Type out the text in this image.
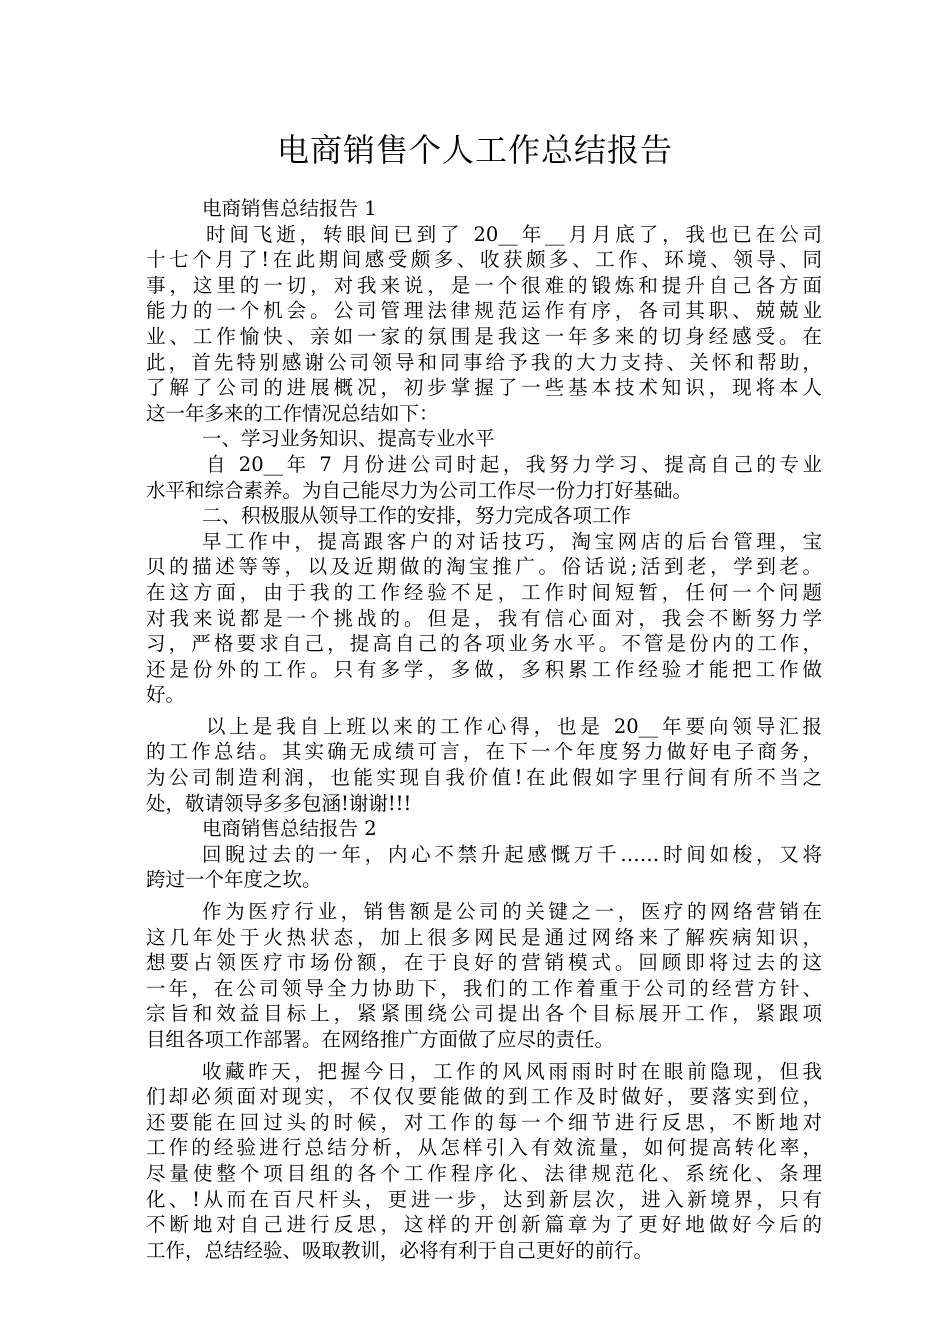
电商销售个人工作总结报告
电商销售总结报告 1
时间飞逝，转眼间已到了 20__年__月月底了，我也已在公司
十七个月了!在此期间感受颇多、收获颇多、工作、环境、领导、同
事，这里的一切，对我来说，是一个很难的锻炼和提升自己各方面
能力的一个机会。公司管理法律规范运作有序，各司其职、兢兢业
业、工作愉快、亲如一家的氛围是我这一年多来的切身经感受。在
此，首先特别感谢公司领导和同事给予我的大力支持、关怀和帮助，
了解了公司的进展概况，初步掌握了一些基本技术知识，现将本人
这一年多来的工作情况总结如下：
一、学习业务知识、提高专业水平
自 20__年 7 月份进公司时起，我努力学习、提高自己的专业
水平和综合素养。为自己能尽力为公司工作尽一份力打好基础。
二、积极服从领导工作的安排，努力完成各项工作
早工作中，提高跟客户的对话技巧，淘宝网店的后台管理，宝
贝的描述等等，以及近期做的淘宝推广。俗话说;活到老，学到老。
在这方面，由于我的工作经验不足，工作时间短暂，任何一个问题
对我来说都是一个挑战的。但是，我有信心面对，我会不断努力学
习，严格要求自己，提高自己的各项业务水平。不管是份内的工作，
还是份外的工作。只有多学，多做，多积累工作经验才能把工作做
好。
以上是我自上班以来的工作心得，也是 20__年要向领导汇报
的工作总结。其实确无成绩可言，在下一个年度努力做好电子商务，
为公司制造利润，也能实现自我价值!在此假如字里行间有所不当之
处，敬请领导多多包涵!谢谢!!!
电商销售总结报告 2
回睨过去的一年，内心不禁升起感慨万千……时间如梭，又将
跨过一个年度之坎。
作为医疗行业，销售额是公司的关键之一，医疗的网络营销在
这几年处于火热状态，加上很多网民是通过网络来了解疾病知识，
想要占领医疗市场份额，在于良好的营销模式。回顾即将过去的这
一年，在公司领导全力协助下，我们的工作着重于公司的经营方针、
宗旨和效益目标上，紧紧围绕公司提出各个目标展开工作，紧跟项
目组各项工作部署。在网络推广方面做了应尽的责任。
收藏昨天，把握今日，工作的风风雨雨时时在眼前隐现，但我
们却必须面对现实，不仅仅要能做的到工作及时做好，要落实到位，
还要能在回过头的时候，对工作的每一个细节进行反思，不断地对
工作的经验进行总结分析，从怎样引入有效流量，如何提高转化率，
尽量使整个项目组的各个工作程序化、法律规范化、系统化、条理
化、!从而在百尺杆头，更进一步，达到新层次，进入新境界，只有
不断地对自己进行反思，这样的开创新篇章为了更好地做好今后的
工作，总结经验、吸取教训，必将有利于自己更好的前行。
